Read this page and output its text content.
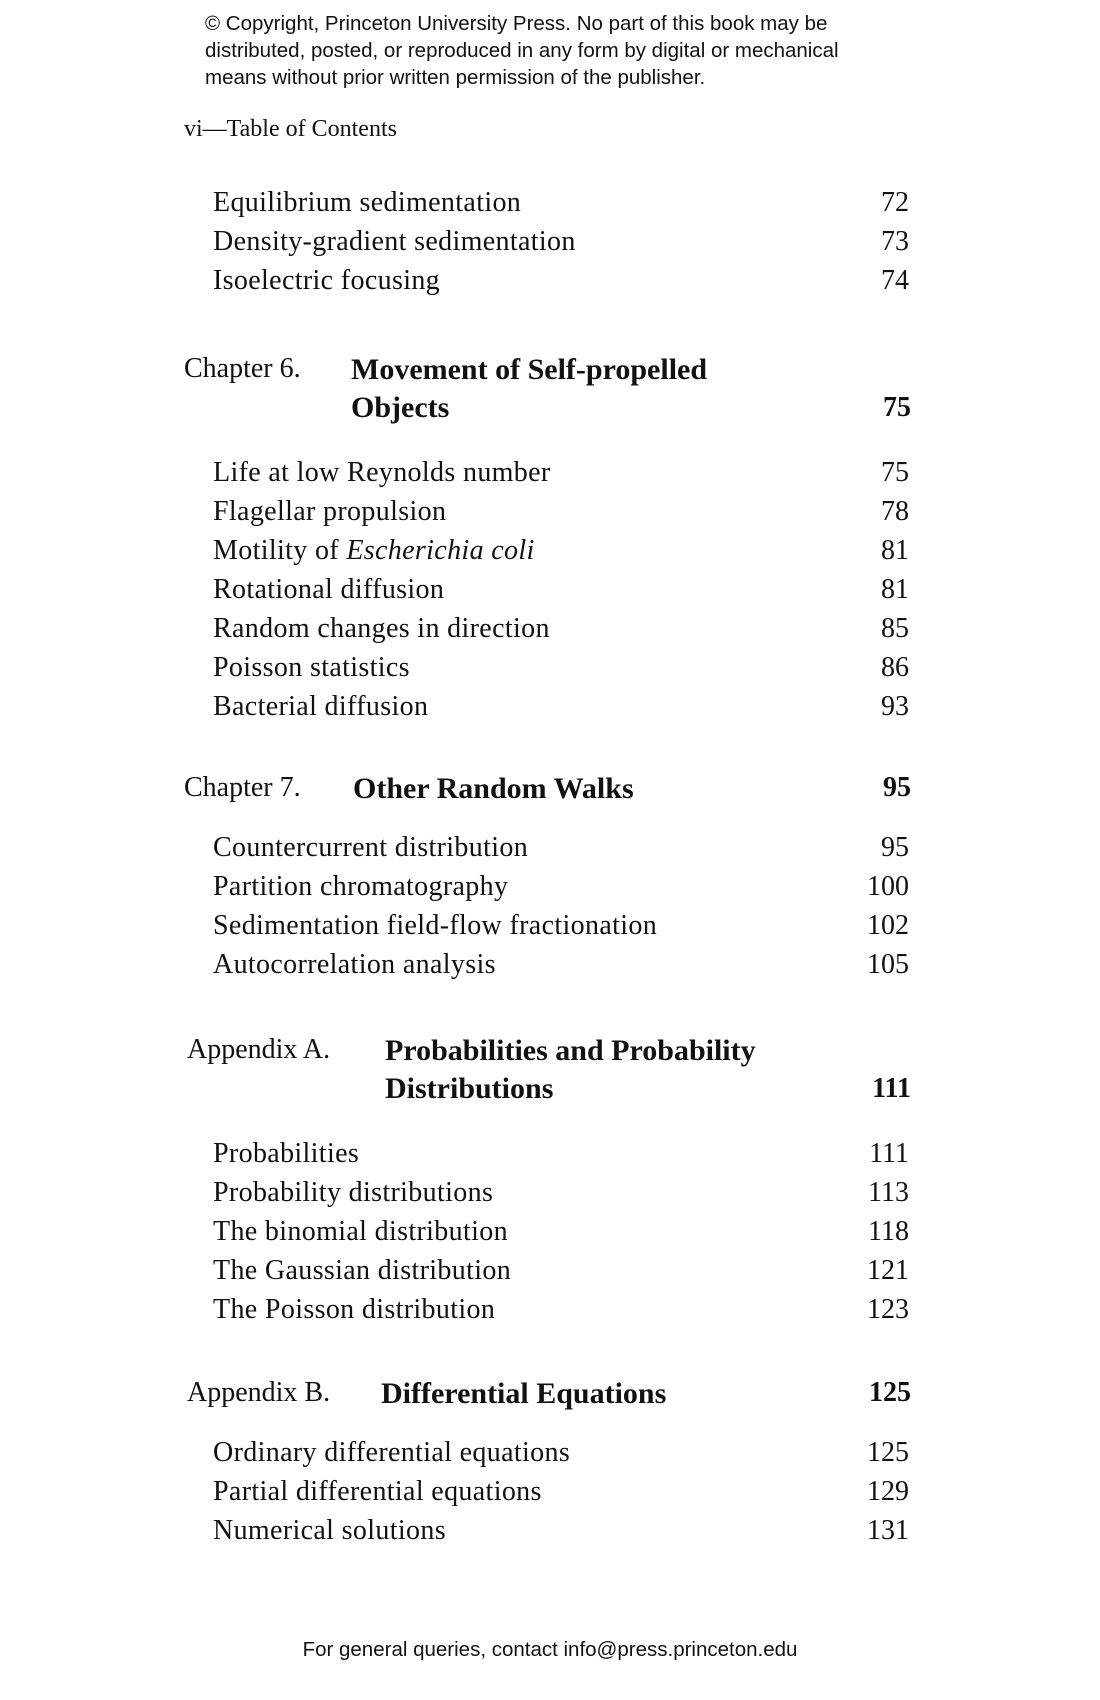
© Copyright, Princeton University Press. No part of this book may be
distributed, posted, or reproduced in any form by digital or mechanical
means without prior written permission of the publisher.
vi—Table of Contents
Equilibrium sedimentation	72
Density-gradient sedimentation	73
Isoelectric focusing	74
Chapter 6. Movement of Self-propelled
Objects	75
Life at low Reynolds number	75
Flagellar propulsion	78
Motility of Escherichia coli	81
Rotational diffusion	81
Random changes in direction	85
Poisson statistics	86
Bacterial diffusion	93
Chapter 7. Other Random Walks	95
Countercurrent distribution	95
Partition chromatography	100
Sedimentation field-flow fractionation	102
Autocorrelation analysis	105
Appendix A. Probabilities and Probability
Distributions	111
Probabilities	111
Probability distributions	113
The binomial distribution	118
The Gaussian distribution	121
The Poisson distribution	123
Appendix B. Differential Equations	125
Ordinary differential equations	125
Partial differential equations	129
Numerical solutions	131
For general queries, contact info@press.princeton.edu
